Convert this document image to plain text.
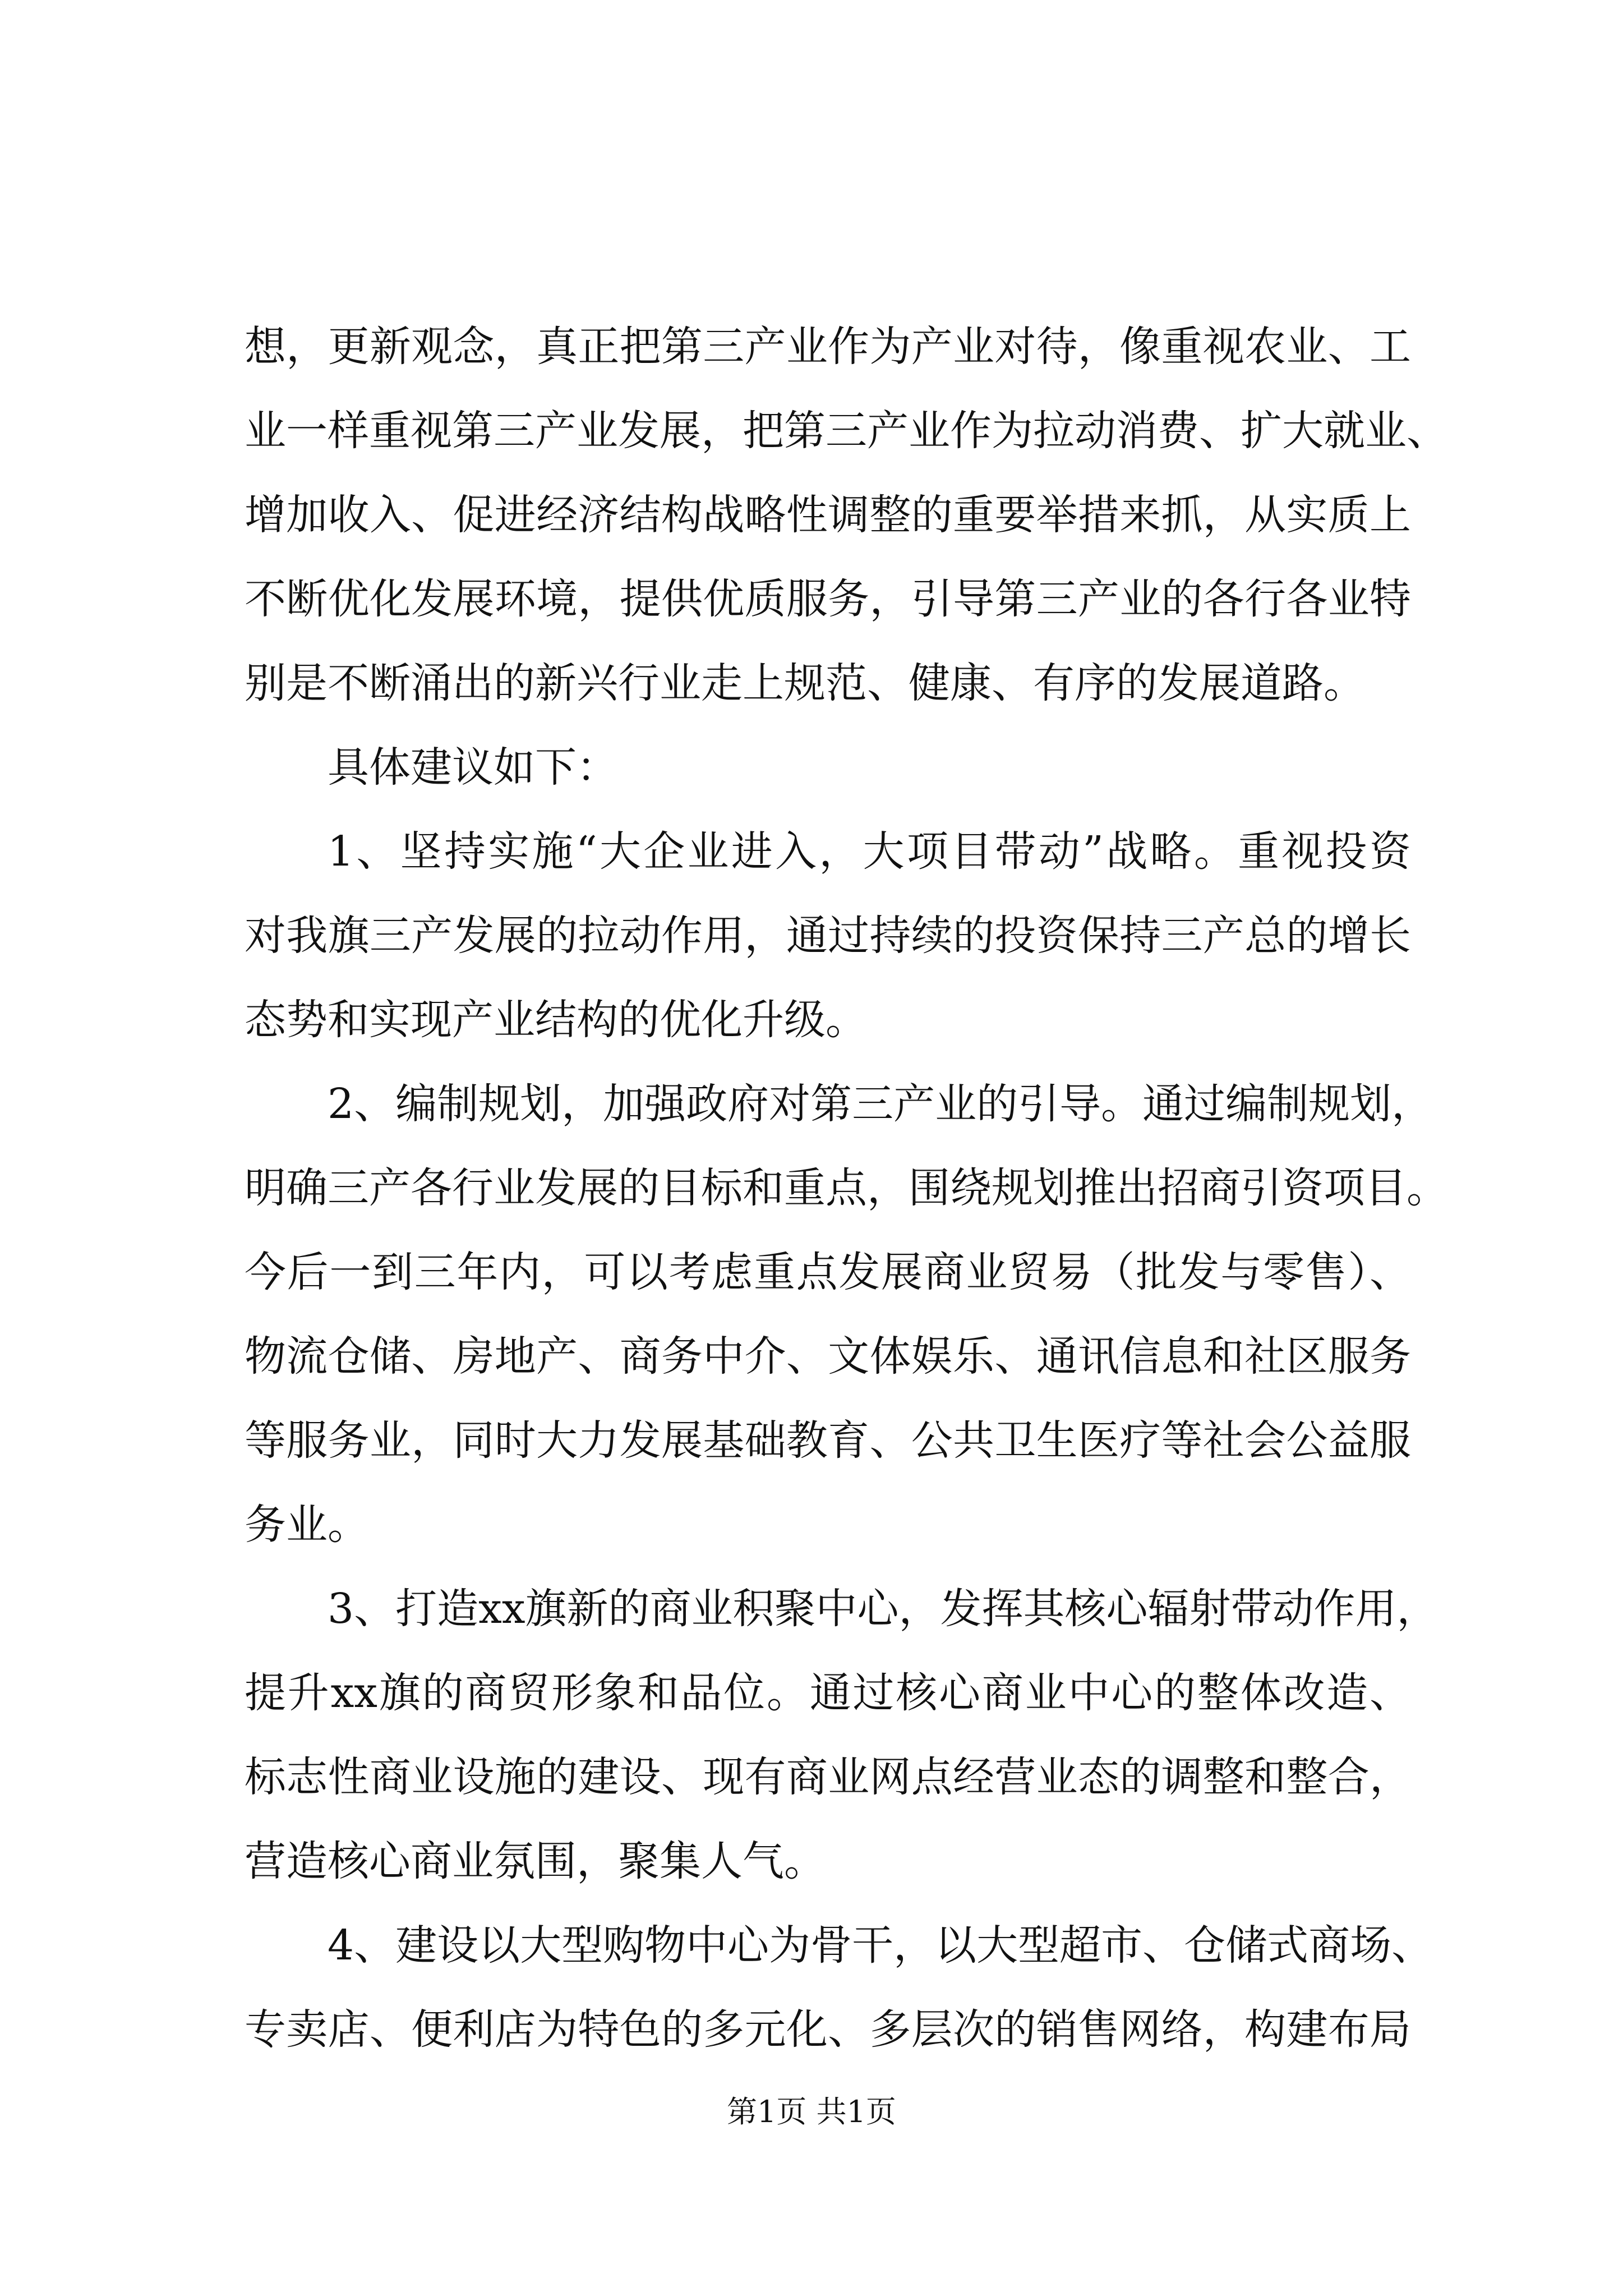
想，更新观念，真正把第三产业作为产业对待，像重视农业、工
业一样重视第三产业发展，把第三产业作为拉动消费、扩大就业、
增加收入、促进经济结构战略性调整的重要举措来抓，从实质上
不断优化发展环境，提供优质服务，引导第三产业的各行各业特
别是不断涌出的新兴行业走上规范、健康、有序的发展道路。
具体建议如下：
1、坚持实施“大企业进入，大项目带动”战略。重视投资
对我旗三产发展的拉动作用，通过持续的投资保持三产总的增长
态势和实现产业结构的优化升级。
2、编制规划，加强政府对第三产业的引导。通过编制规划，
明确三产各行业发展的目标和重点，围绕规划推出招商引资项目。
今后一到三年内，可以考虑重点发展商业贸易（批发与零售）、
物流仓储、房地产、商务中介、文体娱乐、通讯信息和社区服务
等服务业，同时大力发展基础教育、公共卫生医疗等社会公益服
务业。
3、打造xx旗新的商业积聚中心，发挥其核心辐射带动作用，
提升xx旗的商贸形象和品位。通过核心商业中心的整体改造、
标志性商业设施的建设、现有商业网点经营业态的调整和整合，
营造核心商业氛围，聚集人气。
4、建设以大型购物中心为骨干，以大型超市、仓储式商场、
专卖店、便利店为特色的多元化、多层次的销售网络，构建布局
第1页 共1页
